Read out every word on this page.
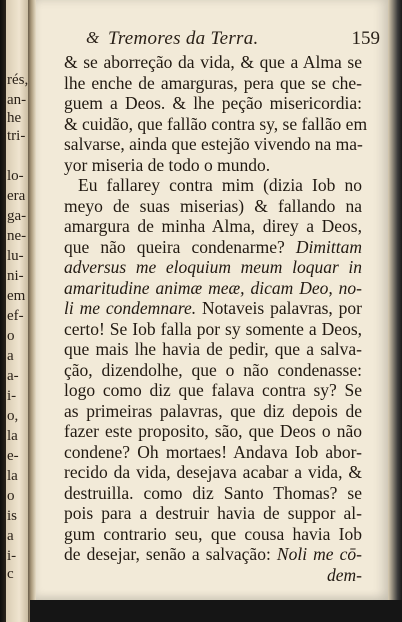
rés,
an-
he
tri-
lo-
era
ga-
ne-
lu-
ni-
em
ef-
o
a
a-
i-
o,
la
e-
la
o
is
a
i-
c
& Tremores da Terra.	159
& se aborreção da vida, & que a Alma se
lhe enche de amarguras, pera que se che-
guem a Deos. & lhe peção misericordia:
& cuidão, que fallão contra sy, se fallão em
salvarse, ainda que estejão vivendo na ma-
yor miseria de todo o mundo.
Eu fallarey contra mim (dizia Iob no
meyo de suas miserias) & fallando na
amargura de minha Alma, direy a Deos,
que não queira condenarme? Dimittam
adversus me eloquium meum loquar in
amaritudine animæ meæ, dicam Deo, no-
li me condemnare. Notaveis palavras, por
certo! Se Iob falla por sy somente a Deos,
que mais lhe havia de pedir, que a salva-
ção, dizendolhe, que o não condenasse:
logo como diz que falava contra sy? Se
as primeiras palavras, que diz depois de
fazer este proposito, são, que Deos o não
condene? Oh mortaes! Andava Iob abor-
recido da vida, desejava acabar a vida, &
destruilla. como diz Santo Thomas? se
pois para a destruir havia de suppor al-
gum contrario seu, que cousa havia Iob
de desejar, senão a salvação: Noli me cō-
dem-
